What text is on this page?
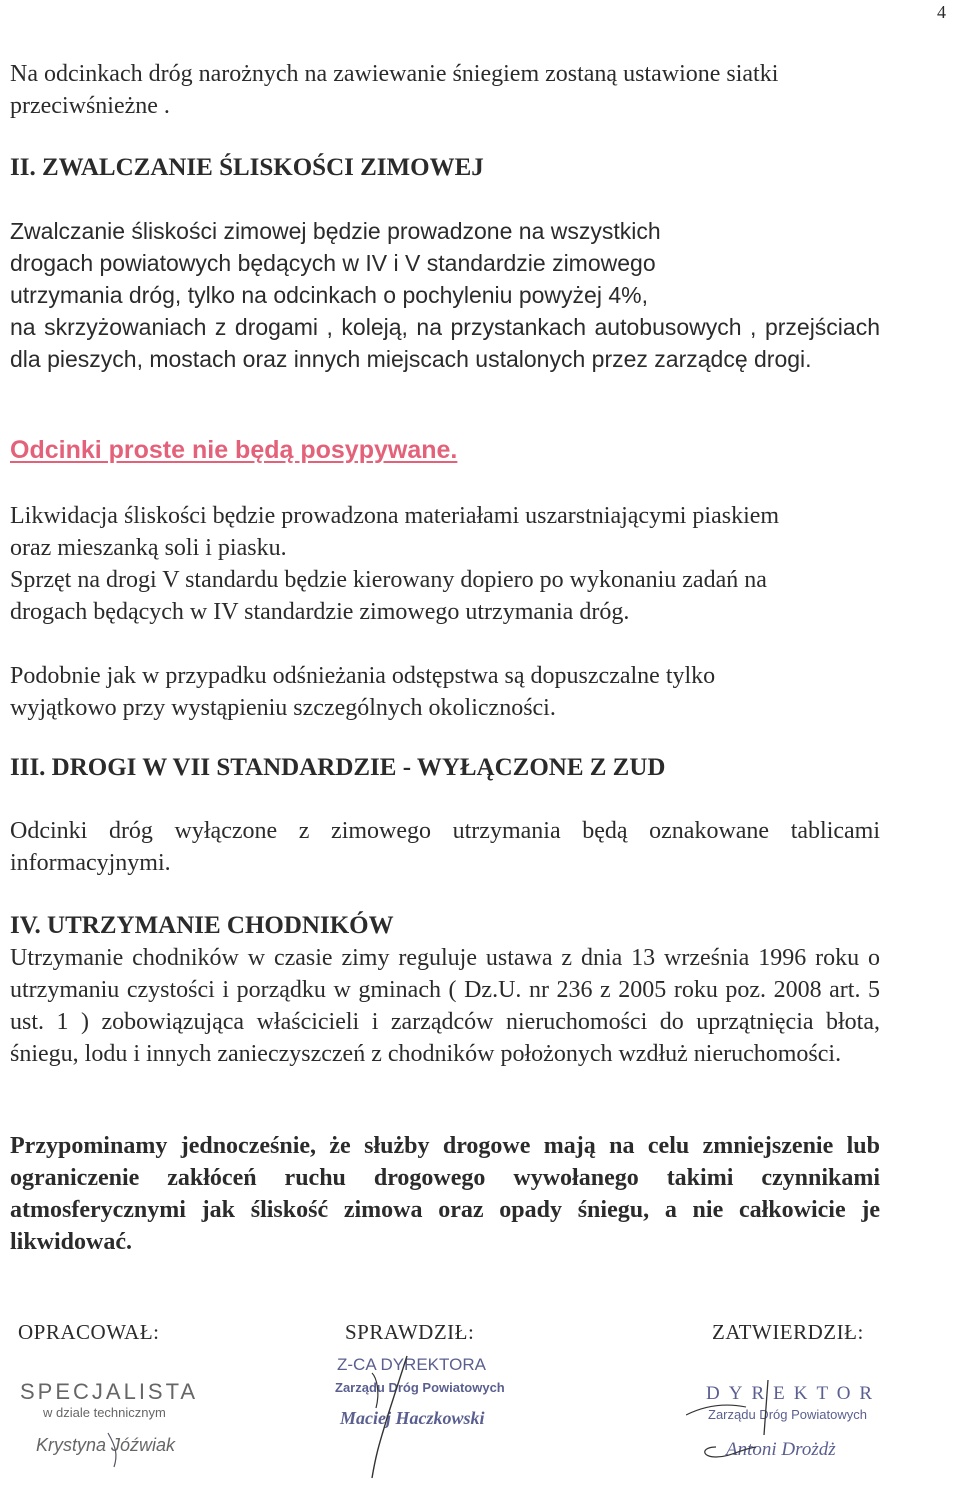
4
Na odcinkach dróg narożnych na zawiewanie śniegiem zostaną ustawione siatki przeciwśnieżne .
II. ZWALCZANIE ŚLISKOŚCI ZIMOWEJ
Zwalczanie śliskości zimowej będzie prowadzone na wszystkich
drogach powiatowych będących w IV i V standardzie zimowego
utrzymania dróg, tylko na odcinkach o pochyleniu powyżej 4%,
na skrzyżowaniach z drogami , koleją, na przystankach autobusowych , przejściach dla pieszych, mostach oraz innych miejscach ustalonych przez zarządcę drogi.
Odcinki proste nie będą posypywane.
Likwidacja śliskości będzie prowadzona materiałami uszarstniającymi piaskiem oraz mieszanką soli i piasku.
Sprzęt na drogi V standardu będzie kierowany dopiero po wykonaniu zadań na drogach będących w IV standardzie zimowego utrzymania dróg.
Podobnie jak w przypadku odśnieżania odstępstwa są dopuszczalne tylko wyjątkowo przy wystąpieniu szczególnych okoliczności.
III. DROGI W VII STANDARDZIE - WYŁĄCZONE Z ZUD
Odcinki dróg wyłączone z zimowego utrzymania będą oznakowane tablicami informacyjnymi.
IV. UTRZYMANIE CHODNIKÓW
Utrzymanie chodników w czasie zimy reguluje ustawa z dnia 13 września 1996 roku o utrzymaniu czystości i porządku w gminach ( Dz.U. nr 236 z 2005 roku poz. 2008 art. 5 ust. 1 ) zobowiązująca właścicieli i zarządców nieruchomości do uprzątnięcia błota, śniegu, lodu i innych zanieczyszczeń z chodników położonych wzdłuż nieruchomości.
Przypominamy jednocześnie, że służby drogowe mają na celu zmniejszenie lub ograniczenie zakłóceń ruchu drogowego wywołanego takimi czynnikami atmosferycznymi jak śliskość zimowa oraz opady śniegu, a nie całkowicie je likwidować.
OPRACOWAŁ:	SPRAWDZIŁ:	ZATWIERDZIŁ:
SPECJALISTA
w dziale technicznym
Krystyna Jóźwiak
Z-CA DYREKTORA
Zarządu Dróg Powiatowych
Maciej Haczkowski
DYREKTOR
Zarządu Dróg Powiatowych
Antoni Drożdż
